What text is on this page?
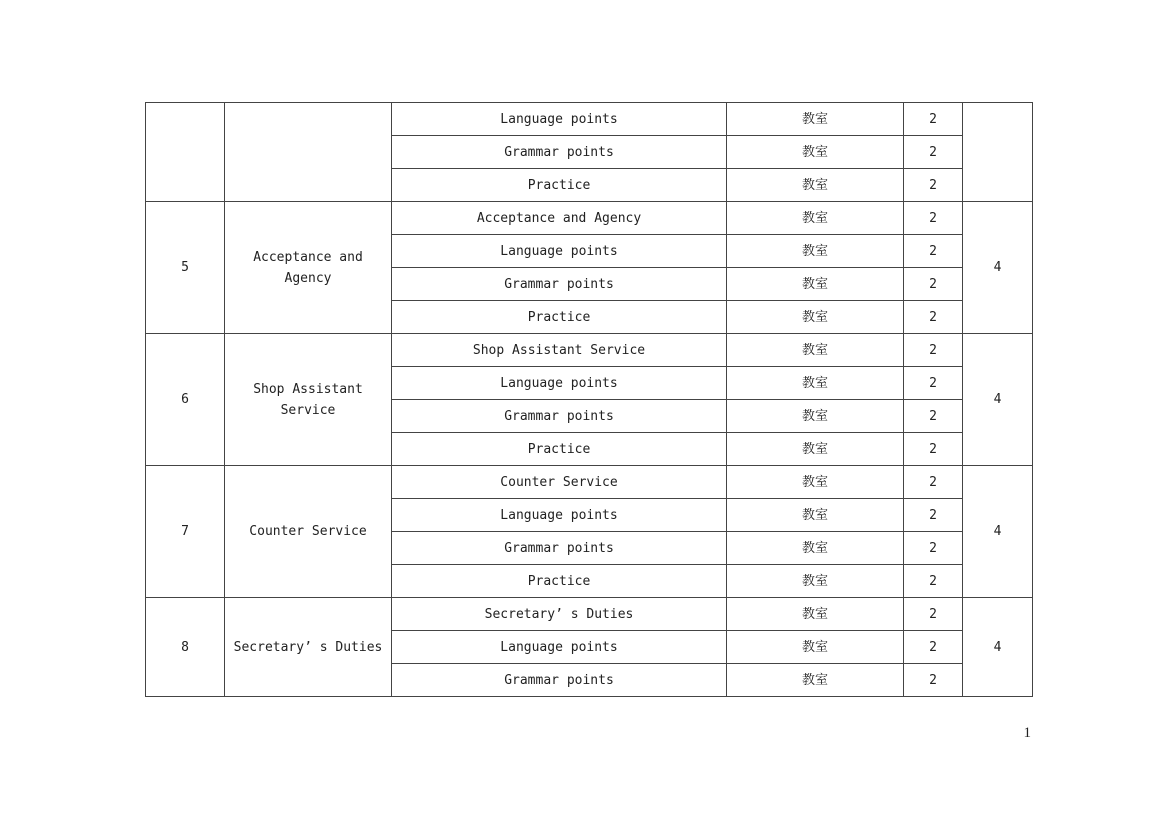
		Language points	教室	2	
		Grammar points	教室	2	
		Practice	教室	2	
5	Acceptance and Agency	Acceptance and Agency	教室	2	4
		Language points	教室	2	
		Grammar points	教室	2	
		Practice	教室	2	
6	Shop Assistant Service	Shop Assistant Service	教室	2	4
		Language points	教室	2	
		Grammar points	教室	2	
		Practice	教室	2	
7	Counter Service	Counter Service	教室	2	4
		Language points	教室	2	
		Grammar points	教室	2	
		Practice	教室	2	
8	Secretary’ s Duties	Secretary’ s Duties	教室	2	4
		Language points	教室	2	
		Grammar points	教室	2	
1
